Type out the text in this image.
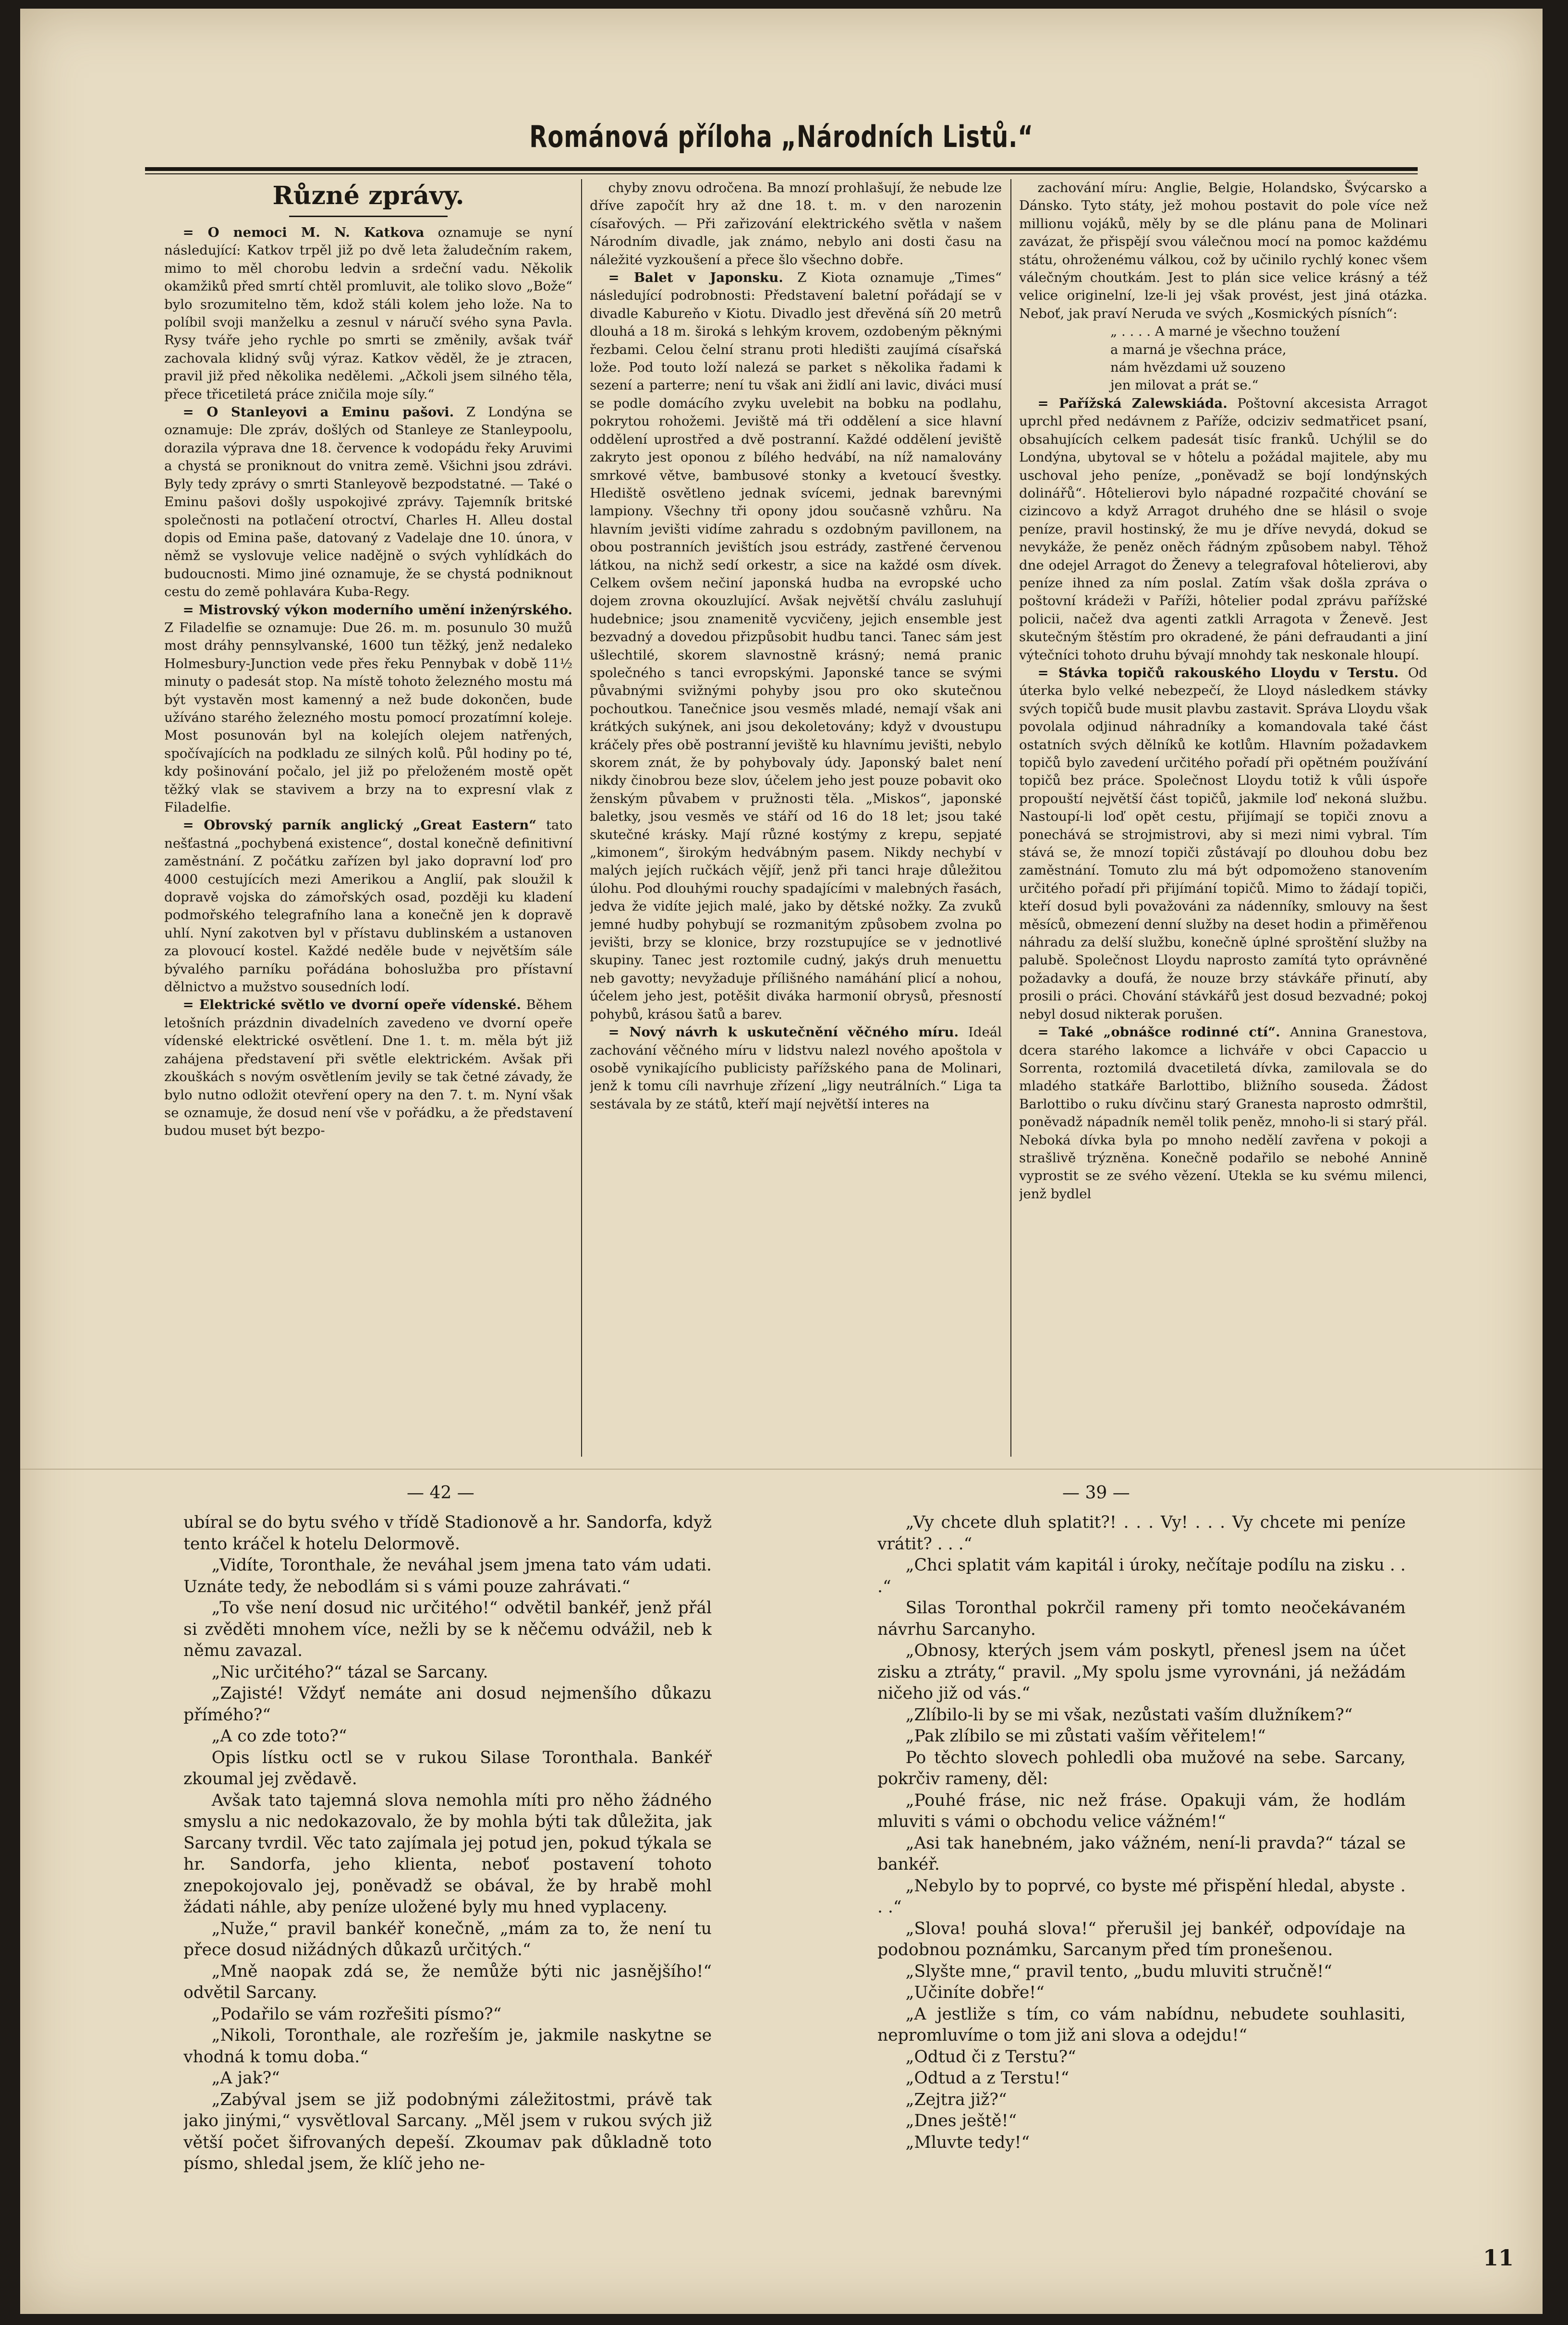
Románová příloha „Národních Listů.“
Různé zprávy.

= O nemoci M. N. Katkova oznamuje se nyní následující: Katkov trpěl již po dvě leta žaludečním rakem, mimo to měl chorobu ledvin a srdeční vadu. Několik okamžiků před smrtí chtěl promluvit, ale toliko slovo „Bože“ bylo srozumitelno těm, kdož stáli kolem jeho lože. Na to políbil svoji manželku a zesnul v náručí svého syna Pavla. Rysy tváře jeho rychle po smrti se změnily, avšak tvář zachovala klidný svůj výraz. Katkov věděl, že je ztracen, pravil již před několika nedělemi. „Ačkoli jsem silného těla, přece třicetiletá práce zničila moje síly.“

= O Stanleyovi a Eminu pašovi. Z Londýna se oznamuje: Dle zpráv, došlých od Stanleye ze Stanleypoolu, dorazila výprava dne 18. července k vodopádu řeky Aruvimi a chystá se proniknout do vnitra země. Všichni jsou zdrávi. Byly tedy zprávy o smrti Stanleyově bezpodstatné. — Také o Eminu pašovi došly uspokojivé zprávy. Tajemník britské společnosti na potlačení otroctví, Charles H. Alleu dostal dopis od Emina paše, datovaný z Vadelaje dne 10. února, v němž se vyslovuje velice nadějně o svých vyhlídkách do budoucnosti. Mimo jiné oznamuje, že se chystá podniknout cestu do země pohlavára Kuba-Regy.

= Mistrovský výkon moderního umění inženýrského. Z Filadelfie se oznamuje: Due 26. m. m. posunulo 30 mužů most dráhy pennsylvanské, 1600 tun těžký, jenž nedaleko Holmesbury-Junction vede přes řeku Pennybak v době 11½ minuty o padesát stop. Na místě tohoto železného mostu má být vystavěn most kamenný a než bude dokončen, bude užíváno starého železného mostu pomocí prozatímní koleje. Most posunován byl na kolejích olejem natřených, spočívajících na podkladu ze silných kolů. Půl hodiny po té, kdy pošinování počalo, jel již po přeloženém mostě opět těžký vlak se stavivem a brzy na to expresní vlak z Filadelfie.

= Obrovský parník anglický „Great Eastern“ tato nešťastná „pochybená existence“, dostal konečně definitivní zaměstnání. Z počátku zařízen byl jako dopravní loď pro 4000 cestujících mezi Amerikou a Anglií, pak sloužil k dopravě vojska do zámořských osad, později ku kladení podmořského telegrafního lana a konečně jen k dopravě uhlí. Nyní zakotven byl v přístavu dublinském a ustanoven za plovoucí kostel. Každé neděle bude v největším sále bývalého parníku pořádána bohoslužba pro přístavní dělnictvo a mužstvo sousedních lodí.

= Elektrické světlo ve dvorní opeře vídenské. Během letošních prázdnin divadelních zavedeno ve dvorní opeře vídenské elektrické osvětlení. Dne 1. t. m. měla být již zahájena představení při světle elektrickém. Avšak při zkouškách s novým osvětlením jevily se tak četné závady, že bylo nutno odložit otevření opery na den 7. t. m. Nyní však se oznamuje, že dosud není vše v pořádku, a že představení budou muset být bezpo-

chyby znovu odročena. Ba mnozí prohlašují, že nebude lze dříve započít hry až dne 18. t. m. v den narozenin císařových. — Při zařizování elektrického světla v našem Národním divadle, jak známo, nebylo ani dosti času na náležité vyzkoušení a přece šlo všechno dobře.

= Balet v Japonsku. Z Kiota oznamuje „Times“ následující podrobnosti: Představení baletní pořádají se v divadle Kabureňo v Kiotu. Divadlo jest dřevěná síň 20 metrů dlouhá a 18 m. široká s lehkým krovem, ozdobeným pěknými řezbami. Celou čelní stranu proti hledišti zaujímá císařská lože. Pod touto loží nalezá se parket s několika řadami k sezení a parterre; není tu však ani židlí ani lavic, diváci musí se podle domácího zvyku uvelebit na bobku na podlahu, pokrytou rohožemi. Jeviště má tři oddělení a sice hlavní oddělení uprostřed a dvě postranní. Každé oddělení jeviště zakryto jest oponou z bílého hedvábí, na níž namalovány smrkové větve, bambusové stonky a kvetoucí švestky. Hlediště osvětleno jednak svícemi, jednak barevnými lampiony. Všechny tři opony jdou současně vzhůru. Na hlavním jevišti vidíme zahradu s ozdobným pavillonem, na obou postranních jevištích jsou estrády, zastřené červenou látkou, na nichž sedí orkestr, a sice na každé osm dívek. Celkem ovšem nečiní japonská hudba na evropské ucho dojem zrovna okouzlující. Avšak největší chválu zasluhují hudebnice; jsou znamenitě vycvičeny, jejich ensemble jest bezvadný a dovedou přizpůsobit hudbu tanci. Tanec sám jest ušlechtilé, skorem slavnostně krásný; nemá pranic společného s tanci evropskými. Japonské tance se svými půvabnými svižnými pohyby jsou pro oko skutečnou pochoutkou. Tanečnice jsou vesměs mladé, nemají však ani krátkých sukýnek, ani jsou dekoletovány; když v dvoustupu kráčely přes obě postranní jeviště ku hlavnímu jevišti, nebylo skorem znát, že by pohybovaly údy. Japonský balet není nikdy činobrou beze slov, účelem jeho jest pouze pobavit oko ženským půvabem v pružnosti těla. „Miskos“, japonské baletky, jsou vesměs ve stáří od 16 do 18 let; jsou také skutečné krásky. Mají různé kostýmy z krepu, sepjaté „kimonem“, širokým hedvábným pasem. Nikdy nechybí v malých jejích ručkách vějíř, jenž při tanci hraje důležitou úlohu. Pod dlouhými rouchy spadajícími v malebných řasách, jedva že vidíte jejich malé, jako by dětské nožky. Za zvuků jemné hudby pohybují se rozmanitým způsobem zvolna po jevišti, brzy se klonice, brzy rozstupujíce se v jednotlivé skupiny. Tanec jest roztomile cudný, jakýs druh menuettu neb gavotty; nevyžaduje přílišného namáhání plicí a nohou, účelem jeho jest, potěšit diváka harmonií obrysů, přesností pohybů, krásou šatů a barev.

= Nový návrh k uskutečnění věčného míru. Ideál zachování věčného míru v lidstvu nalezl nového apoštola v osobě vynikajícího publicisty pařížského pana de Molinari, jenž k tomu cíli navrhuje zřízení „ligy neutrálních.“ Liga ta sestávala by ze států, kteří mají největší interes na

zachování míru: Anglie, Belgie, Holandsko, Švýcarsko a Dánsko. Tyto státy, jež mohou postavit do pole více než millionu vojáků, měly by se dle plánu pana de Molinari zavázat, že přispějí svou válečnou mocí na pomoc každému státu, ohroženému válkou, což by učinilo rychlý konec všem válečným choutkám. Jest to plán sice velice krásný a též velice originelní, lze-li jej však provést, jest jiná otázka. Neboť, jak praví Neruda ve svých „Kosmických písních“:

„ . . . . A marné je všechno toužení

a marná je všechna práce,

nám hvězdami už souzeno

jen milovat a prát se.“

= Pařížská Zalewskiáda. Poštovní akcesista Arragot uprchl před nedávnem z Paříže, odciziv sedmatřicet psaní, obsahujících celkem padesát tisíc franků. Uchýlil se do Londýna, ubytoval se v hôtelu a požádal majitele, aby mu uschoval jeho peníze, „poněvadž se bojí londýnských dolinářů“. Hôtelierovi bylo nápadné rozpačité chování se cizincovo a když Arragot druhého dne se hlásil o svoje peníze, pravil hostinský, že mu je dříve nevydá, dokud se nevykáže, že peněz oněch řádným způsobem nabyl. Těhož dne odejel Arragot do Ženevy a telegrafoval hôtelierovi, aby peníze ihned za ním poslal. Zatím však došla zpráva o poštovní krádeži v Paříži, hôtelier podal zprávu pařížské policii, načež dva agenti zatkli Arragota v Ženevě. Jest skutečným štěstím pro okradené, že páni defraudanti a jiní výtečníci tohoto druhu bývají mnohdy tak neskonale hloupí.

= Stávka topičů rakouského Lloydu v Terstu. Od úterka bylo velké nebezpečí, že Lloyd následkem stávky svých topičů bude musit plavbu zastavit. Správa Lloydu však povolala odjinud náhradníky a komandovala také část ostatních svých dělníků ke kotlům. Hlavním požadavkem topičů bylo zavedení určitého pořadí při opětném používání topičů bez práce. Společnost Lloydu totiž k vůli úspoře propouští největší část topičů, jakmile loď nekoná službu. Nastoupí-li loď opět cestu, přijímají se topiči znovu a ponechává se strojmistrovi, aby si mezi nimi vybral. Tím stává se, že mnozí topiči zůstávají po dlouhou dobu bez zaměstnání. Tomuto zlu má být odpomoženo stanovením určitého pořadí při přijímání topičů. Mimo to žádají topiči, kteří dosud byli považováni za nádenníky, smlouvy na šest měsíců, obmezení denní služby na deset hodin a přiměřenou náhradu za delší službu, konečně úplné sproštění služby na palubě. Společnost Lloydu naprosto zamítá tyto oprávněné požadavky a doufá, že nouze brzy stávkáře přinutí, aby prosili o práci. Chování stávkářů jest dosud bezvadné; pokoj nebyl dosud nikterak porušen.

= Také „obnášce rodinné ctí“. Annina Granestova, dcera starého lakomce a lichváře v obci Capaccio u Sorrenta, roztomilá dvacetiletá dívka, zamilovala se do mladého statkáře Barlottibo, bližního souseda. Žádost Barlottibo o ruku dívčinu starý Granesta naprosto odmrštil, poněvadž nápadník neměl tolik peněz, mnoho-li si starý přál. Neboká dívka byla po mnoho nedělí zavřena v pokoji a strašlivě trýzněna. Konečně podařilo se nebohé Annině vyprostit se ze svého vězení. Utekla se ku svému milenci, jenž bydlel

— 42 —	— 39 —

ubíral se do bytu svého v třídě Stadionově a hr. Sandorfa, když tento kráčel k hotelu Delormově.

„Vidíte, Toronthale, že neváhal jsem jmena tato vám udati. Uznáte tedy, že nebodlám si s vámi pouze zahrávati.“

„To vše není dosud nic určitého!“ odvětil bankéř, jenž přál si zvěděti mnohem více, nežli by se k něčemu odvážil, neb k němu zavazal.

„Nic určitého?“ tázal se Sarcany.

„Zajisté! Vždyť nemáte ani dosud nejmenšího důkazu přímého?“

„A co zde toto?“

Opis lístku octl se v rukou Silase Toronthala. Bankéř zkoumal jej zvědavě.

Avšak tato tajemná slova nemohla míti pro něho žádného smyslu a nic nedokazovalo, že by mohla býti tak důležita, jak Sarcany tvrdil. Věc tato zajímala jej potud jen, pokud týkala se hr. Sandorfa, jeho klienta, neboť postavení tohoto znepokojovalo jej, poněvadž se obával, že by hrabě mohl žádati náhle, aby peníze uložené byly mu hned vyplaceny.

„Nuže,“ pravil bankéř konečně, „mám za to, že není tu přece dosud nižádných důkazů určitých.“

„Mně naopak zdá se, že nemůže býti nic jasnějšího!“ odvětil Sarcany.

„Podařilo se vám rozřešiti písmo?“

„Nikoli, Toronthale, ale rozřeším je, jakmile naskytne se vhodná k tomu doba.“

„A jak?“

„Zabýval jsem se již podobnými záležitostmi, právě tak jako jinými,“ vysvětloval Sarcany. „Měl jsem v rukou svých již větší počet šifrovaných depeší. Zkoumav pak důkladně toto písmo, shledal jsem, že klíč jeho ne-

„Vy chcete dluh splatit?! . . . Vy! . . . Vy chcete mi peníze vrátit? . . .“

„Chci splatit vám kapitál i úroky, nečítaje podílu na zisku . . .“

Silas Toronthal pokrčil rameny při tomto neočekávaném návrhu Sarcanyho.

„Obnosy, kterých jsem vám poskytl, přenesl jsem na účet zisku a ztráty,“ pravil. „My spolu jsme vyrovnáni, já nežádám ničeho již od vás.“

„Zlíbilo-li by se mi však, nezůstati vaším dlužníkem?“

„Pak zlíbilo se mi zůstati vaším věřitelem!“

Po těchto slovech pohledli oba mužové na sebe. Sarcany, pokrčiv rameny, děl:

„Pouhé fráse, nic než fráse. Opakuji vám, že hodlám mluviti s vámi o obchodu velice vážném!“

„Asi tak hanebném, jako vážném, není-li pravda?“ tázal se bankéř.

„Nebylo by to poprvé, co byste mé přispění hledal, abyste . . .“

„Slova! pouhá slova!“ přerušil jej bankéř, odpovídaje na podobnou poznámku, Sarcanym před tím pronešenou.

„Slyšte mne,“ pravil tento, „budu mluviti stručně!“

„Učiníte dobře!“

„A jestliže s tím, co vám nabídnu, nebudete souhlasiti, nepromluvíme o tom již ani slova a odejdu!“

„Odtud či z Terstu?“

„Odtud a z Terstu!“

„Zejtra již?“

„Dnes ještě!“

„Mluvte tedy!“

11
